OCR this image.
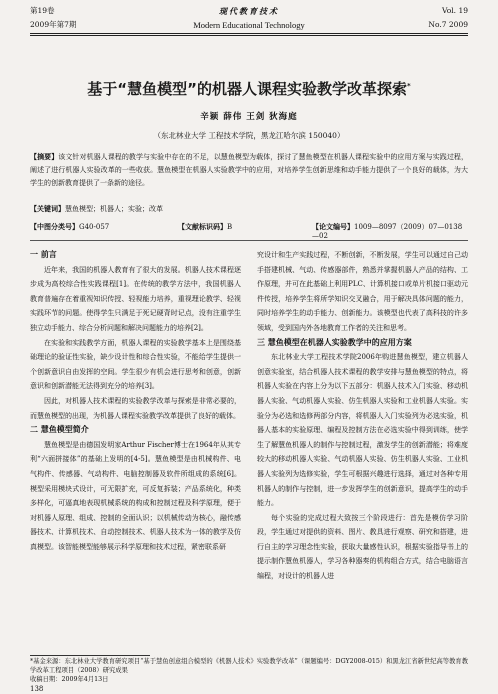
第19卷	现代教育技术	Vol. 19
2009年第7期	Modern Educational Technology	No.7 2009
基于“慧鱼模型”的机器人课程实验教学改革探索*
辛颖 薛伟 王剑 狄海庭
（东北林业大学 工程技术学院，黑龙江哈尔滨 150040）
【摘要】该文针对机器人课程的教学与实验中存在的不足，以慧鱼模型为载体，探讨了慧鱼模型在机器人课程实验中的应用方案与实践过程，阐述了进行机器人实验改革的一些收获。慧鱼模型在机器人实验教学中的应用，对培养学生创新思维和动手能力提供了一个良好的载体，为大学生的创新教育提供了一条新的途径。
【关键词】慧鱼模型；机器人；实验；改革
【中图分类号】G40-057	【文献标识码】B	【论文编号】1009—8097（2009）07—0138—02

一 前言

近年来，我国的机器人教育有了很大的发展。机器人技术课程逐步成为高校综合性实践课程[1]。在传统的教学方法中，我国机器人教育普遍存在着重视知识传授、轻视能力培养，重视理论教学、轻视实践环节的问题。使得学生只满足于死记硬背时记点，没有注重学生独立动手能力、综合分析问题和解决问题能力的培养[2]。

在实验和实践教学方面，机器人课程的实验教学基本上是围绕基础理论的验证性实验，缺少设计性和综合性实验，不能给学生提供一个创新意识自由发挥的空间。学生很少有机会进行思考和创意，创新意识和创新潜能无法得到充分的培养[3]。

因此，对机器人技术课程的实验教学改革与探索是非常必要的，而慧鱼模型的出现，为机器人课程实验教学改革提供了良好的载体。

二 慧鱼模型简介

慧鱼模型是由德国发明家Arthur Fischer博士在1964年从其专利“六面拼接体”的基础上发明的[4-5]。慧鱼模型是由机械构件、电气构件、传感器、气动构件、电脑控制器及软件所组成的系统[6]。模型采用模块式设计，可无限扩充，可反复拆装；产品系统化，种类多样化，可逼真地表现机械系统的构成和控制过程及科学原理，便于对机器人原理、组成、控制的全面认识；以机械传动为核心，融传感器技术、计算机技术、自动控制技术、机器人技术为一体的教学及仿真模型。该智能模型能够展示科学原理和技术过程，紧密联系研

究设计和生产实践过程，不断创新，不断发展，学生可以通过自己动手搭建机械、气动、传感器部件，熟悉并掌握机器人产品的结构、工作原理，并可在此基础上利用PLC、计算机接口或单片机接口驱动元件传授，培养学生将所学知识交叉融合，用于解决具体问题的能力，同时培养学生的动手能力、创新能力。该模型也代表了高科技的许多领域，受到国内外各地教育工作者的关注和思考。

三 慧鱼模型在机器人实验教学中的应用方案

东北林业大学工程技术学院2006年购进慧鱼模型，建立机器人创意实验室，结合机器人技术课程的教学安排与慧鱼模型的特点，将机器人实验在内容上分为以下五部分：机器人技术入门实验、移动机器人实验、气动机器人实验、仿生机器人实验和工业机器人实验。实验分为必选和选修两部分内容，将机器人入门实验列为必选实验，机器人基本的实验原理、编程及控制方法在必选实验中得到训练，使学生了解慧鱼机器人的制作与控制过程，激发学生的创新潜能；将难度较大的移动机器人实验、气动机器人实验、仿生机器人实验、工业机器人实验列为选修实验，学生可根据兴趣进行选择，通过对各种专用机器人的制作与控制，进一步发挥学生的创新意识，提高学生的动手能力。

每个实验的完成过程大致按三个阶段进行：首先是模仿学习阶段，学生通过对提供的资料、图片、教具进行观察、研究和搭建，进行自主的学习理念性实验，获取大量感性认识，根据实验指导书上的提示制作慧鱼机器人，学习各种器奏的机构组合方式，结合电脑语言编程，对设计的机器人进

*基金来源：东北林业大学教育研究项目“基于慧鱼创意组合模型的《机器人技术》实验教学改革”（课题编号：DGY2008-015）和黑龙江省新世纪高等教育教学改革工程项目（2008）研究成果
收稿日期：2009年4月13日
138
